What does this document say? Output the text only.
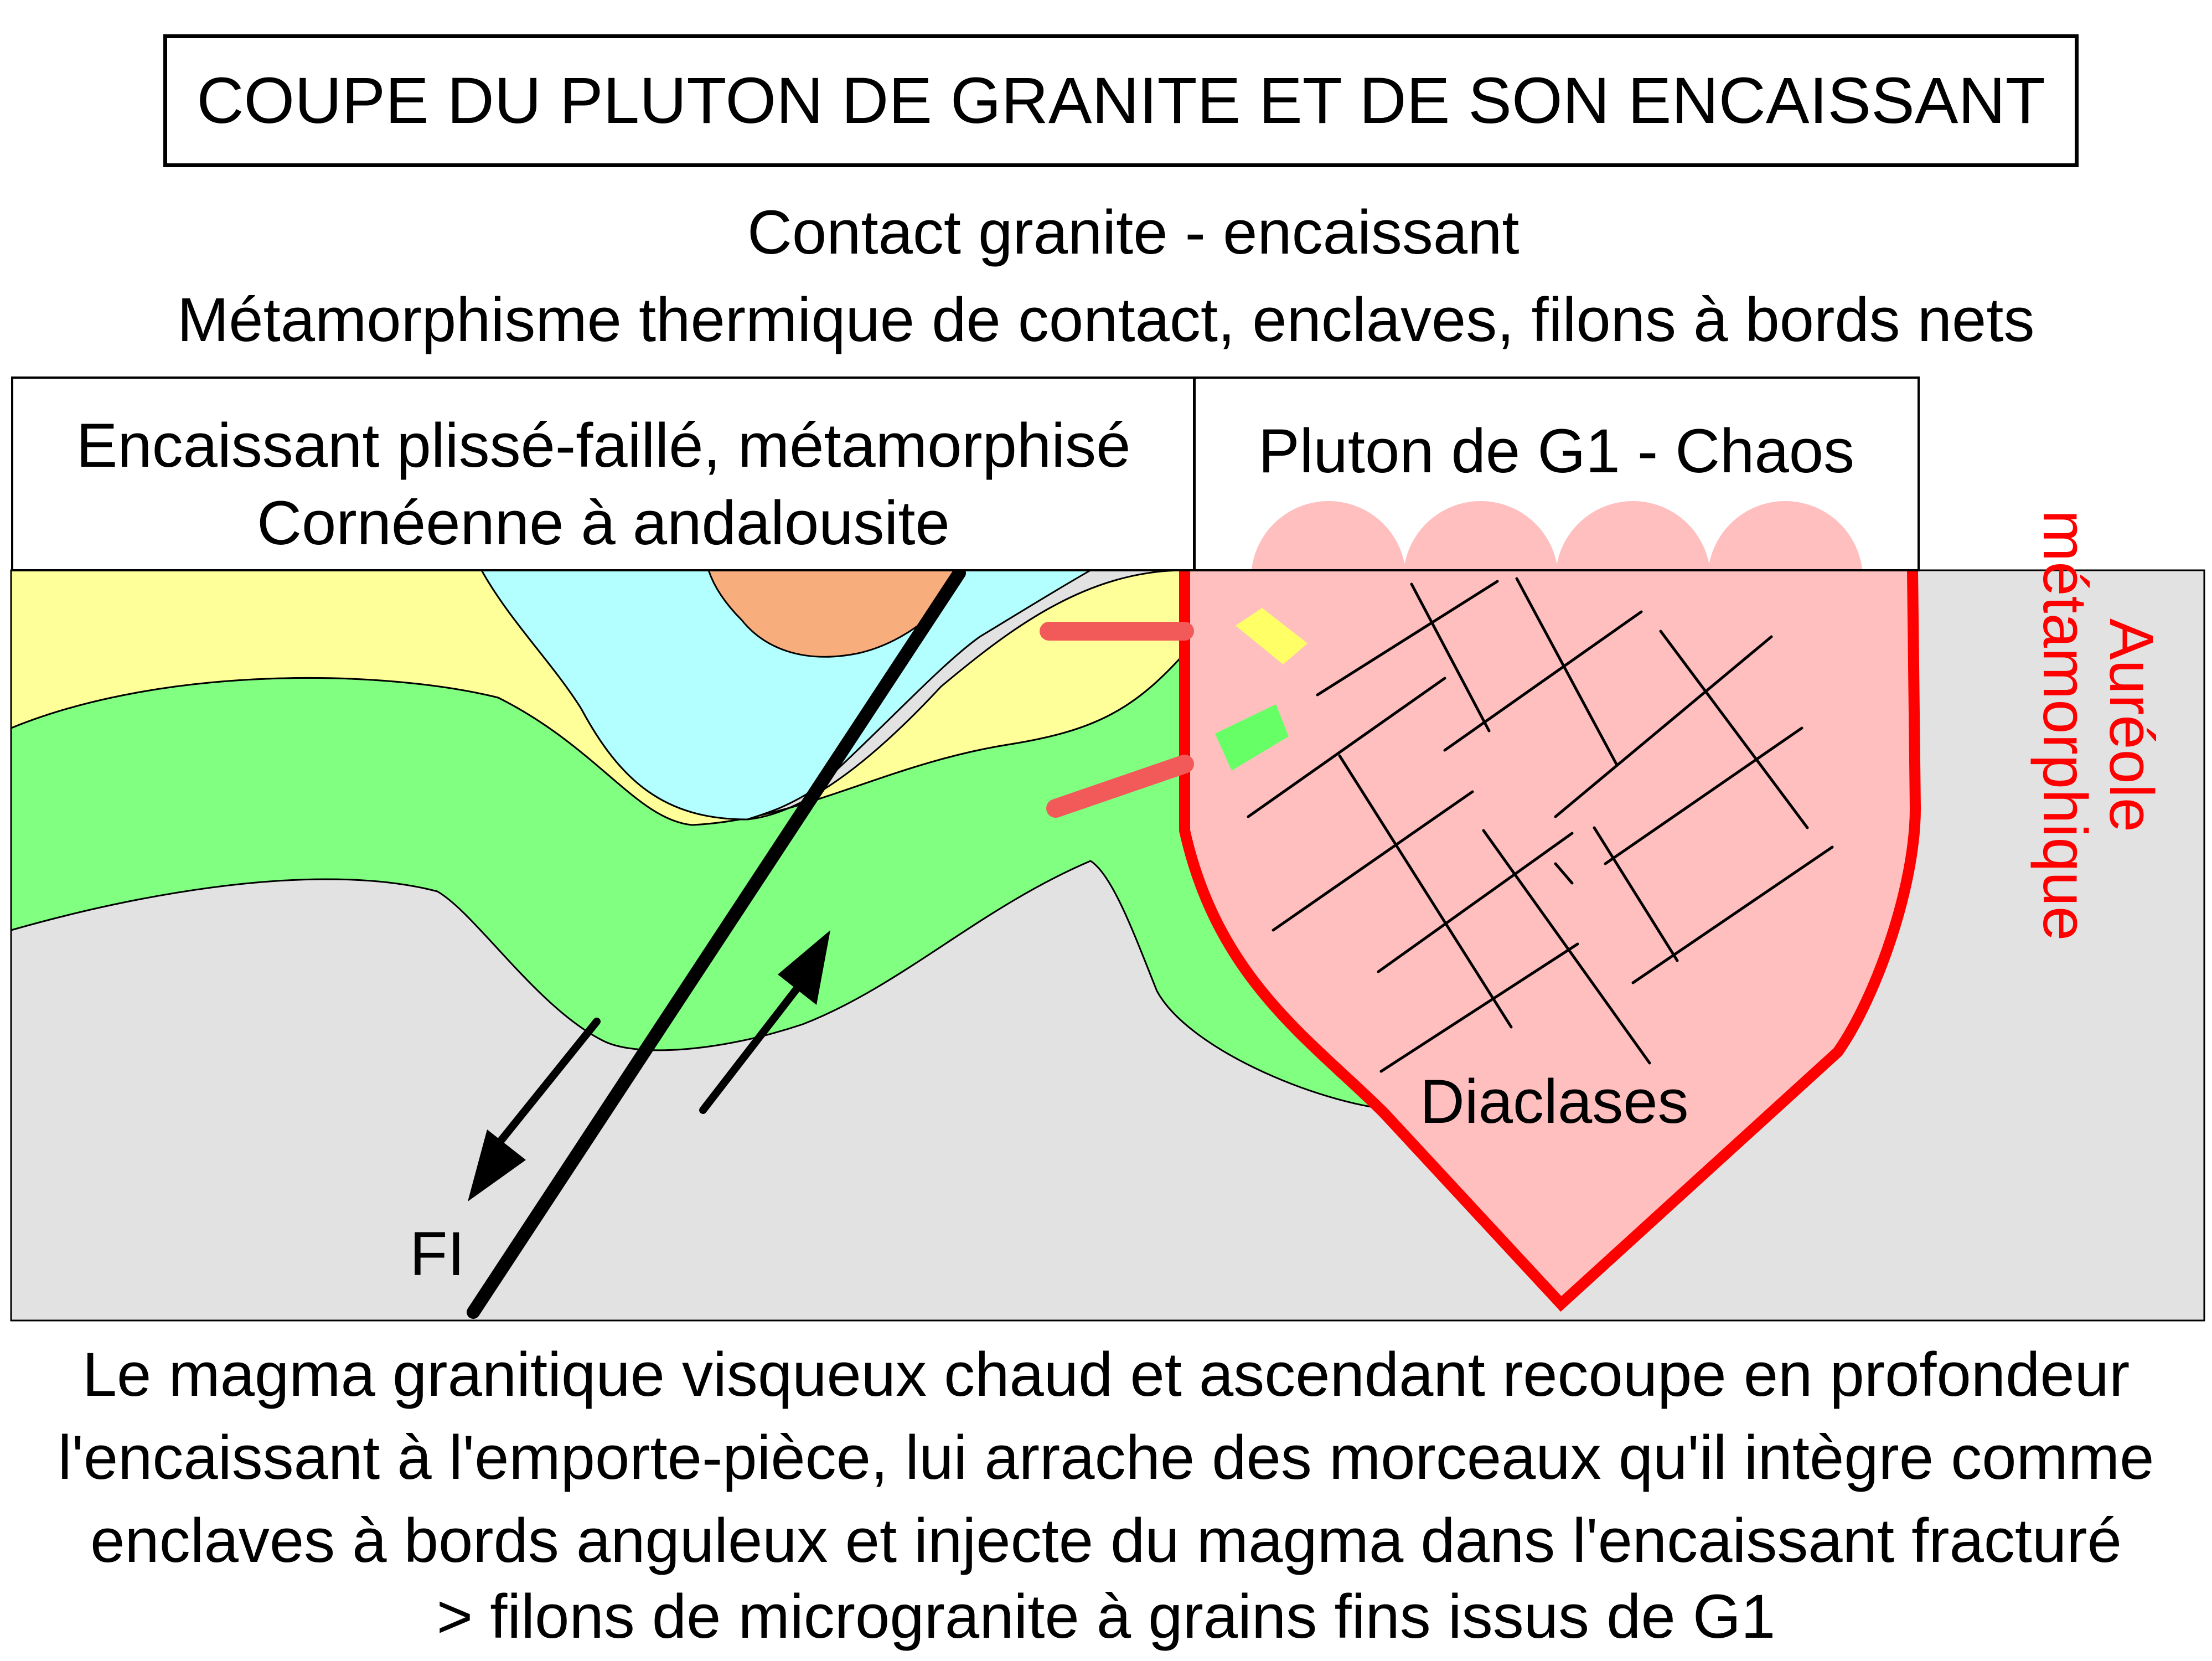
COUPE DU PLUTON DE GRANITE ET DE SON ENCAISSANT
Contact granite - encaissant
Métamorphisme thermique de contact, enclaves, filons à bords nets
Encaissant plissé-faillé, métamorphisé
Cornéenne à andalousite
Pluton de G1 - Chaos
FI
Diaclases
Auréole
métamorphique
Le magma granitique visqueux chaud et ascendant recoupe en profondeur
l'encaissant à l'emporte-pièce, lui arrache des morceaux qu'il intègre comme
enclaves à bords anguleux et injecte du magma dans l'encaissant fracturé
> filons de microgranite à grains fins issus de G1
